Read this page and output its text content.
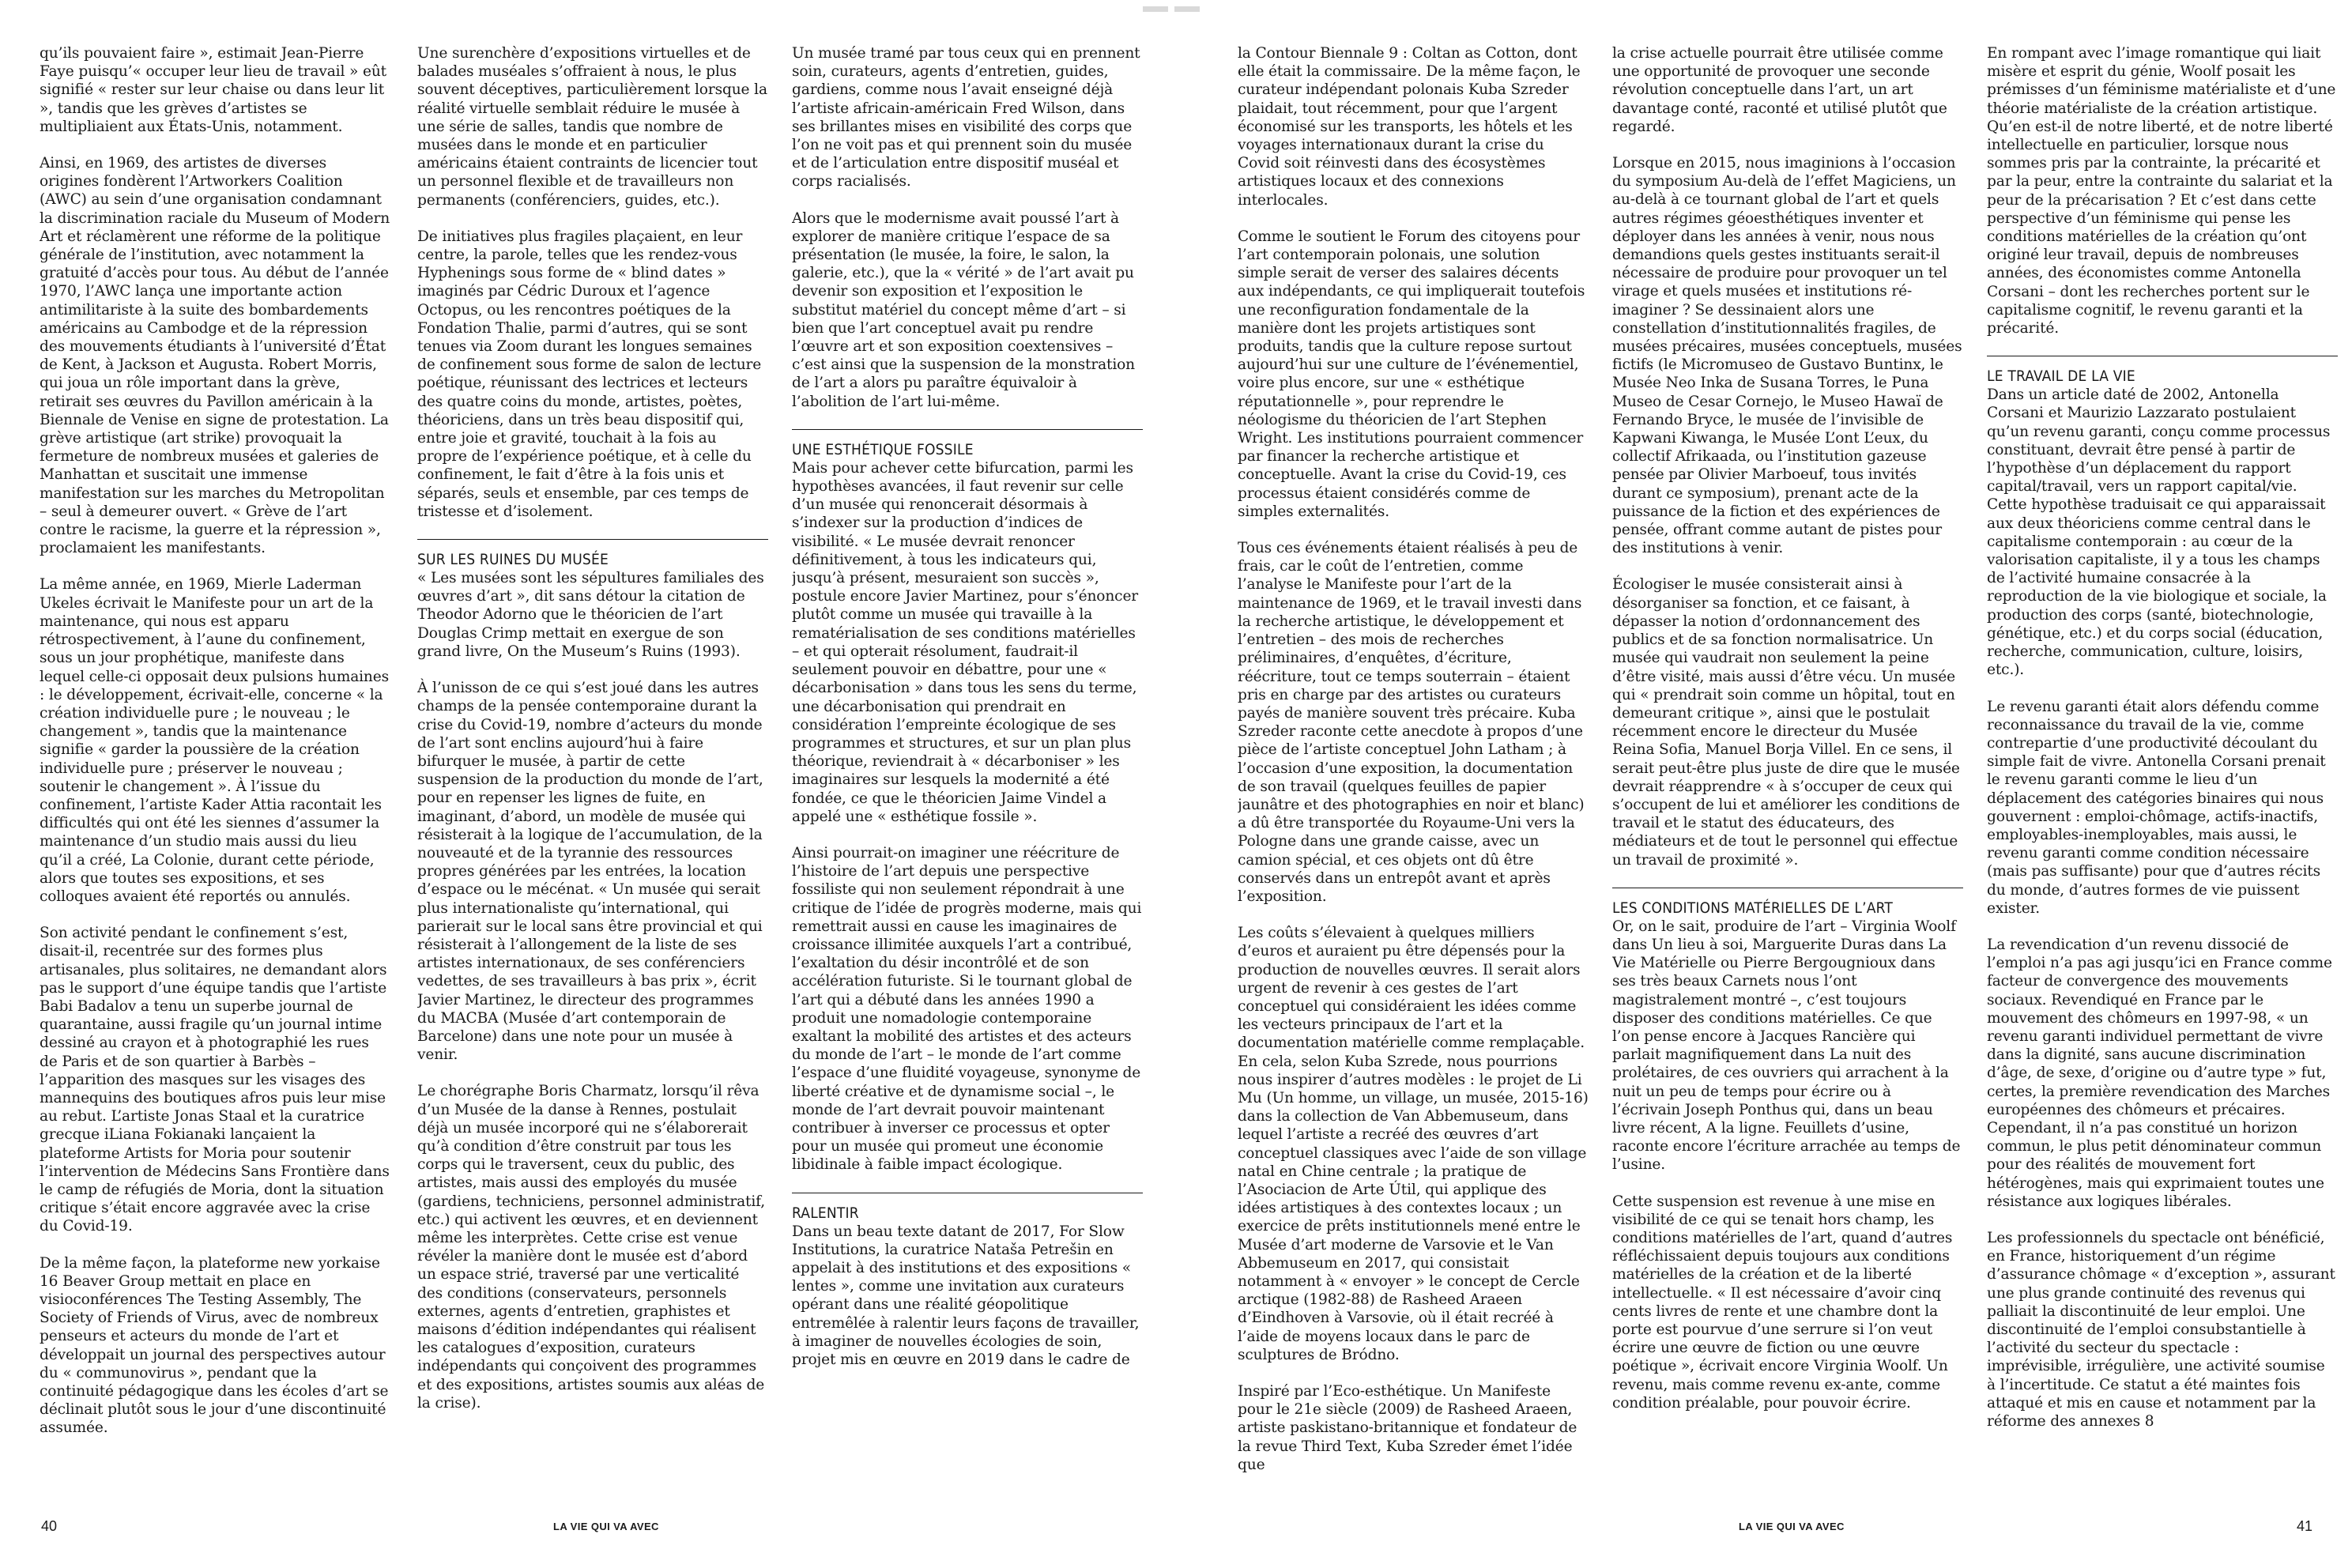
qu’ils pouvaient faire », estimait Jean-Pierre Faye puisqu’« occuper leur lieu de travail » eût signifié « rester sur leur chaise ou dans leur lit », tandis que les grèves d’artistes se multipliaient aux États-Unis, notamment.

Ainsi, en 1969, des artistes de diverses origines fondèrent l’Artworkers Coalition (AWC) au sein d’une organisation condamnant la discrimination raciale du Museum of Modern Art et réclamèrent une réforme de la politique générale de l’institution, avec notamment la gratuité d’accès pour tous. Au début de l’année 1970, l’AWC lança une importante action antimilitariste à la suite des bombardements américains au Cambodge et de la répression des mouvements étudiants à l’université d’État de Kent, à Jackson et Augusta. Robert Morris, qui joua un rôle important dans la grève, retirait ses œuvres du Pavillon américain à la Biennale de Venise en signe de protestation. La grève artistique (art strike) provoquait la fermeture de nombreux musées et galeries de Manhattan et suscitait une immense manifestation sur les marches du Metropolitan – seul à demeurer ouvert. « Grève de l’art contre le racisme, la guerre et la répression », proclamaient les manifestants.

La même année, en 1969, Mierle Laderman Ukeles écrivait le Manifeste pour un art de la maintenance, qui nous est apparu rétrospectivement, à l’aune du confinement, sous un jour prophétique, manifeste dans lequel celle-ci opposait deux pulsions humaines : le développement, écrivait-elle, concerne « la création individuelle pure ; le nouveau ; le changement », tandis que la maintenance signifie « garder la poussière de la création individuelle pure ; préserver le nouveau ; soutenir le changement ». À l’issue du confinement, l’artiste Kader Attia racontait les difficultés qui ont été les siennes d’assumer la maintenance d’un studio mais aussi du lieu qu’il a créé, La Colonie, durant cette période, alors que toutes ses expositions, et ses colloques avaient été reportés ou annulés.

Son activité pendant le confinement s’est, disait-il, recentrée sur des formes plus artisanales, plus solitaires, ne demandant alors pas le support d’une équipe tandis que l’artiste Babi Badalov a tenu un superbe journal de quarantaine, aussi fragile qu’un journal intime dessiné au crayon et à photographié les rues de Paris et de son quartier à Barbès – l’apparition des masques sur les visages des mannequins des boutiques afros puis leur mise au rebut. L’artiste Jonas Staal et la curatrice grecque iLiana Fokianaki lançaient la plateforme Artists for Moria pour soutenir l’intervention de Médecins Sans Frontière dans le camp de réfugiés de Moria, dont la situation critique s’était encore aggravée avec la crise du Covid-19.

De la même façon, la plateforme new yorkaise 16 Beaver Group mettait en place en visioconférences The Testing Assembly, The Society of Friends of Virus, avec de nombreux penseurs et acteurs du monde de l’art et développait un journal des perspectives autour du « communovirus », pendant que la continuité pédagogique dans les écoles d’art se déclinait plutôt sous le jour d’une discontinuité assumée.

Une surenchère d’expositions virtuelles et de balades muséales s’offraient à nous, le plus souvent déceptives, particulièrement lorsque la réalité virtuelle semblait réduire le musée à une série de salles, tandis que nombre de musées dans le monde et en particulier américains étaient contraints de licencier tout un personnel flexible et de travailleurs non permanents (conférenciers, guides, etc.).

De initiatives plus fragiles plaçaient, en leur centre, la parole, telles que les rendez-vous Hyphenings sous forme de « blind dates » imaginés par Cédric Duroux et l’agence Octopus, ou les rencontres poétiques de la Fondation Thalie, parmi d’autres, qui se sont tenues via Zoom durant les longues semaines de confinement sous forme de salon de lecture poétique, réunissant des lectrices et lecteurs des quatre coins du monde, artistes, poètes, théoriciens, dans un très beau dispositif qui, entre joie et gravité, touchait à la fois au propre de l’expérience poétique, et à celle du confinement, le fait d’être à la fois unis et séparés, seuls et ensemble, par ces temps de tristesse et d’isolement.

SUR LES RUINES DU MUSÉE

« Les musées sont les sépultures familiales des œuvres d’art », dit sans détour la citation de Theodor Adorno que le théoricien de l’art Douglas Crimp mettait en exergue de son grand livre, On the Museum’s Ruins (1993).

À l’unisson de ce qui s’est joué dans les autres champs de la pensée contemporaine durant la crise du Covid-19, nombre d’acteurs du monde de l’art sont enclins aujourd’hui à faire bifurquer le musée, à partir de cette suspension de la production du monde de l’art, pour en repenser les lignes de fuite, en imaginant, d’abord, un modèle de musée qui résisterait à la logique de l’accumulation, de la nouveauté et de la tyrannie des ressources propres générées par les entrées, la location d’espace ou le mécénat. « Un musée qui serait plus internationaliste qu’international, qui parierait sur le local sans être provincial et qui résisterait à l’allongement de la liste de ses artistes internationaux, de ses conférenciers vedettes, de ses travailleurs à bas prix », écrit Javier Martinez, le directeur des programmes du MACBA (Musée d’art contemporain de Barcelone) dans une note pour un musée à venir.

Le chorégraphe Boris Charmatz, lorsqu’il rêva d’un Musée de la danse à Rennes, postulait déjà un musée incorporé qui ne s’élaborerait qu’à condition d’être construit par tous les corps qui le traversent, ceux du public, des artistes, mais aussi des employés du musée (gardiens, techniciens, personnel administratif, etc.) qui activent les œuvres, et en deviennent même les interprètes. Cette crise est venue révéler la manière dont le musée est d’abord un espace strié, traversé par une verticalité des conditions (conservateurs, personnels externes, agents d’entretien, graphistes et maisons d’édition indépendantes qui réalisent les catalogues d’exposition, curateurs indépendants qui conçoivent des programmes et des expositions, artistes soumis aux aléas de la crise).

Un musée tramé par tous ceux qui en prennent soin, curateurs, agents d’entretien, guides, gardiens, comme nous l’avait enseigné déjà l’artiste africain-américain Fred Wilson, dans ses brillantes mises en visibilité des corps que l’on ne voit pas et qui prennent soin du musée et de l’articulation entre dispositif muséal et corps racialisés.

Alors que le modernisme avait poussé l’art à explorer de manière critique l’espace de sa présentation (le musée, la foire, le salon, la galerie, etc.), que la « vérité » de l’art avait pu devenir son exposition et l’exposition le substitut matériel du concept même d’art – si bien que l’art conceptuel avait pu rendre l’œuvre art et son exposition coextensives – c’est ainsi que la suspension de la monstration de l’art a alors pu paraître équivaloir à l’abolition de l’art lui-même.

UNE ESTHÉTIQUE FOSSILE

Mais pour achever cette bifurcation, parmi les hypothèses avancées, il faut revenir sur celle d’un musée qui renoncerait désormais à s’indexer sur la production d’indices de visibilité. « Le musée devrait renoncer définitivement, à tous les indicateurs qui, jusqu’à présent, mesuraient son succès », postule encore Javier Martinez, pour s’énoncer plutôt comme un musée qui travaille à la rematérialisation de ses conditions matérielles – et qui opterait résolument, faudrait-il seulement pouvoir en débattre, pour une « décarbonisation » dans tous les sens du terme, une décarbonisation qui prendrait en considération l’empreinte écologique de ses programmes et structures, et sur un plan plus théorique, reviendrait à « décarboniser » les imaginaires sur lesquels la modernité a été fondée, ce que le théoricien Jaime Vindel a appelé une « esthétique fossile ».

Ainsi pourrait-on imaginer une réécriture de l’histoire de l’art depuis une perspective fossiliste qui non seulement répondrait à une critique de l’idée de progrès moderne, mais qui remettrait aussi en cause les imaginaires de croissance illimitée auxquels l’art a contribué, l’exaltation du désir incontrôlé et de son accélération futuriste. Si le tournant global de l’art qui a débuté dans les années 1990 a produit une nomadologie contemporaine exaltant la mobilité des artistes et des acteurs du monde de l’art – le monde de l’art comme l’espace d’une fluidité voyageuse, synonyme de liberté créative et de dynamisme social –, le monde de l’art devrait pouvoir maintenant contribuer à inverser ce processus et opter pour un musée qui promeut une économie libidinale à faible impact écologique.

RALENTIR

Dans un beau texte datant de 2017, For Slow Institutions, la curatrice Nataša Petrešin en appelait à des institutions et des expositions « lentes », comme une invitation aux curateurs opérant dans une réalité géopolitique entremêlée à ralentir leurs façons de travailler, à imaginer de nouvelles écologies de soin, projet mis en œuvre en 2019 dans le cadre de

la Contour Biennale 9 : Coltan as Cotton, dont elle était la commissaire. De la même façon, le curateur indépendant polonais Kuba Szreder plaidait, tout récemment, pour que l’argent économisé sur les transports, les hôtels et les voyages internationaux durant la crise du Covid soit réinvesti dans des écosystèmes artistiques locaux et des connexions interlocales.

Comme le soutient le Forum des citoyens pour l’art contemporain polonais, une solution simple serait de verser des salaires décents aux indépendants, ce qui impliquerait toutefois une reconfiguration fondamentale de la manière dont les projets artistiques sont produits, tandis que la culture repose surtout aujourd’hui sur une culture de l’événementiel, voire plus encore, sur une « esthétique réputationnelle », pour reprendre le néologisme du théoricien de l’art Stephen Wright. Les institutions pourraient commencer par financer la recherche artistique et conceptuelle. Avant la crise du Covid-19, ces processus étaient considérés comme de simples externalités.

Tous ces événements étaient réalisés à peu de frais, car le coût de l’entretien, comme l’analyse le Manifeste pour l’art de la maintenance de 1969, et le travail investi dans la recherche artistique, le développement et l’entretien – des mois de recherches préliminaires, d’enquêtes, d’écriture, réécriture, tout ce temps souterrain – étaient pris en charge par des artistes ou curateurs payés de manière souvent très précaire. Kuba Szreder raconte cette anecdote à propos d’une pièce de l’artiste conceptuel John Latham ; à l’occasion d’une exposition, la documentation de son travail (quelques feuilles de papier jaunâtre et des photographies en noir et blanc) a dû être transportée du Royaume-Uni vers la Pologne dans une grande caisse, avec un camion spécial, et ces objets ont dû être conservés dans un entrepôt avant et après l’exposition.

Les coûts s’élevaient à quelques milliers d’euros et auraient pu être dépensés pour la production de nouvelles œuvres. Il serait alors urgent de revenir à ces gestes de l’art conceptuel qui considéraient les idées comme les vecteurs principaux de l’art et la documentation matérielle comme remplaçable. En cela, selon Kuba Szrede, nous pourrions nous inspirer d’autres modèles : le projet de Li Mu (Un homme, un village, un musée, 2015-16) dans la collection de Van Abbemuseum, dans lequel l’artiste a recréé des œuvres d’art conceptuel classiques avec l’aide de son village natal en Chine centrale ; la pratique de l’Asociacion de Arte Útil, qui applique des idées artistiques à des contextes locaux ; un exercice de prêts institutionnels mené entre le Musée d’art moderne de Varsovie et le Van Abbemuseum en 2017, qui consistait notamment à « envoyer » le concept de Cercle arctique (1982-88) de Rasheed Araeen d’Eindhoven à Varsovie, où il était recréé à l’aide de moyens locaux dans le parc de sculptures de Bródno.

Inspiré par l’Eco-esthétique. Un Manifeste pour le 21e siècle (2009) de Rasheed Araeen, artiste paskistano-britannique et fondateur de la revue Third Text, Kuba Szreder émet l’idée que

la crise actuelle pourrait être utilisée comme une opportunité de provoquer une seconde révolution conceptuelle dans l’art, un art davantage conté, raconté et utilisé plutôt que regardé.

Lorsque en 2015, nous imaginions à l’occasion du symposium Au-delà de l’effet Magiciens, un au-delà à ce tournant global de l’art et quels autres régimes géoesthétiques inventer et déployer dans les années à venir, nous nous demandions quels gestes instituants serait-il nécessaire de produire pour provoquer un tel virage et quels musées et institutions ré-imaginer ? Se dessinaient alors une constellation d’institutionnalités fragiles, de musées précaires, musées conceptuels, musées fictifs (le Micromuseo de Gustavo Buntinx, le Musée Neo Inka de Susana Torres, le Puna Museo de Cesar Cornejo, le Museo Hawaï de Fernando Bryce, le musée de l’invisible de Kapwani Kiwanga, le Musée L’ont L’eux, du collectif Afrikaada, ou l’institution gazeuse pensée par Olivier Marboeuf, tous invités durant ce symposium), prenant acte de la puissance de la fiction et des expériences de pensée, offrant comme autant de pistes pour des institutions à venir.

Écologiser le musée consisterait ainsi à désorganiser sa fonction, et ce faisant, à dépasser la notion d’ordonnancement des publics et de sa fonction normalisatrice. Un musée qui vaudrait non seulement la peine d’être visité, mais aussi d’être vécu. Un musée qui « prendrait soin comme un hôpital, tout en demeurant critique », ainsi que le postulait récemment encore le directeur du Musée Reina Sofia, Manuel Borja Villel. En ce sens, il serait peut-être plus juste de dire que le musée devrait réapprendre « à s’occuper de ceux qui s’occupent de lui et améliorer les conditions de travail et le statut des éducateurs, des médiateurs et de tout le personnel qui effectue un travail de proximité ».

LES CONDITIONS MATÉRIELLES DE L’ART

Or, on le sait, produire de l’art – Virginia Woolf dans Un lieu à soi, Marguerite Duras dans La Vie Matérielle ou Pierre Bergougnioux dans ses très beaux Carnets nous l’ont magistralement montré –, c’est toujours disposer des conditions matérielles. Ce que l’on pense encore à Jacques Rancière qui parlait magnifiquement dans La nuit des prolétaires, de ces ouvriers qui arrachent à la nuit un peu de temps pour écrire ou à l’écrivain Joseph Ponthus qui, dans un beau livre récent, A la ligne. Feuillets d’usine, raconte encore l’écriture arrachée au temps de l’usine.

Cette suspension est revenue à une mise en visibilité de ce qui se tenait hors champ, les conditions matérielles de l’art, quand d’autres réfléchissaient depuis toujours aux conditions matérielles de la création et de la liberté intellectuelle. « Il est nécessaire d’avoir cinq cents livres de rente et une chambre dont la porte est pourvue d’une serrure si l’on veut écrire une œuvre de fiction ou une œuvre poétique », écrivait encore Virginia Woolf. Un revenu, mais comme revenu ex-ante, comme condition préalable, pour pouvoir écrire.

En rompant avec l’image romantique qui liait misère et esprit du génie, Woolf posait les prémisses d’un féminisme matérialiste et d’une théorie matérialiste de la création artistique. Qu’en est-il de notre liberté, et de notre liberté intellectuelle en particulier, lorsque nous sommes pris par la contrainte, la précarité et par la peur, entre la contrainte du salariat et la peur de la précarisation ? Et c’est dans cette perspective d’un féminisme qui pense les conditions matérielles de la création qu’ont originé leur travail, depuis de nombreuses années, des économistes comme Antonella Corsani – dont les recherches portent sur le capitalisme cognitif, le revenu garanti et la précarité.

LE TRAVAIL DE LA VIE

Dans un article daté de 2002, Antonella Corsani et Maurizio Lazzarato postulaient qu’un revenu garanti, conçu comme processus constituant, devrait être pensé à partir de l’hypothèse d’un déplacement du rapport capital/travail, vers un rapport capital/vie. Cette hypothèse traduisait ce qui apparaissait aux deux théoriciens comme central dans le capitalisme contemporain : au cœur de la valorisation capitaliste, il y a tous les champs de l’activité humaine consacrée à la reproduction de la vie biologique et sociale, la production des corps (santé, biotechnologie, génétique, etc.) et du corps social (éducation, recherche, communication, culture, loisirs, etc.).

Le revenu garanti était alors défendu comme reconnaissance du travail de la vie, comme contrepartie d’une productivité découlant du simple fait de vivre. Antonella Corsani prenait le revenu garanti comme le lieu d’un déplacement des catégories binaires qui nous gouvernent : emploi-chômage, actifs-inactifs, employables-inemployables, mais aussi, le revenu garanti comme condition nécessaire (mais pas suffisante) pour que d’autres récits du monde, d’autres formes de vie puissent exister.

La revendication d’un revenu dissocié de l’emploi n’a pas agi jusqu’ici en France comme facteur de convergence des mouvements sociaux. Revendiqué en France par le mouvement des chômeurs en 1997-98, « un revenu garanti individuel permettant de vivre dans la dignité, sans aucune discrimination d’âge, de sexe, d’origine ou d’autre type » fut, certes, la première revendication des Marches européennes des chômeurs et précaires. Cependant, il n’a pas constitué un horizon commun, le plus petit dénominateur commun pour des réalités de mouvement fort hétérogènes, mais qui exprimaient toutes une résistance aux logiques libérales.

Les professionnels du spectacle ont bénéficié, en France, historiquement d’un régime d’assurance chômage « d’exception », assurant une plus grande continuité des revenus qui palliait la discontinuité de leur emploi. Une discontinuité de l’emploi consubstantielle à l’activité du secteur du spectacle : imprévisible, irrégulière, une activité soumise à l’incertitude. Ce statut a été maintes fois attaqué et mis en cause et notamment par la réforme des annexes 8

40	LA VIE QUI VA AVEC	LA VIE QUI VA AVEC	41
